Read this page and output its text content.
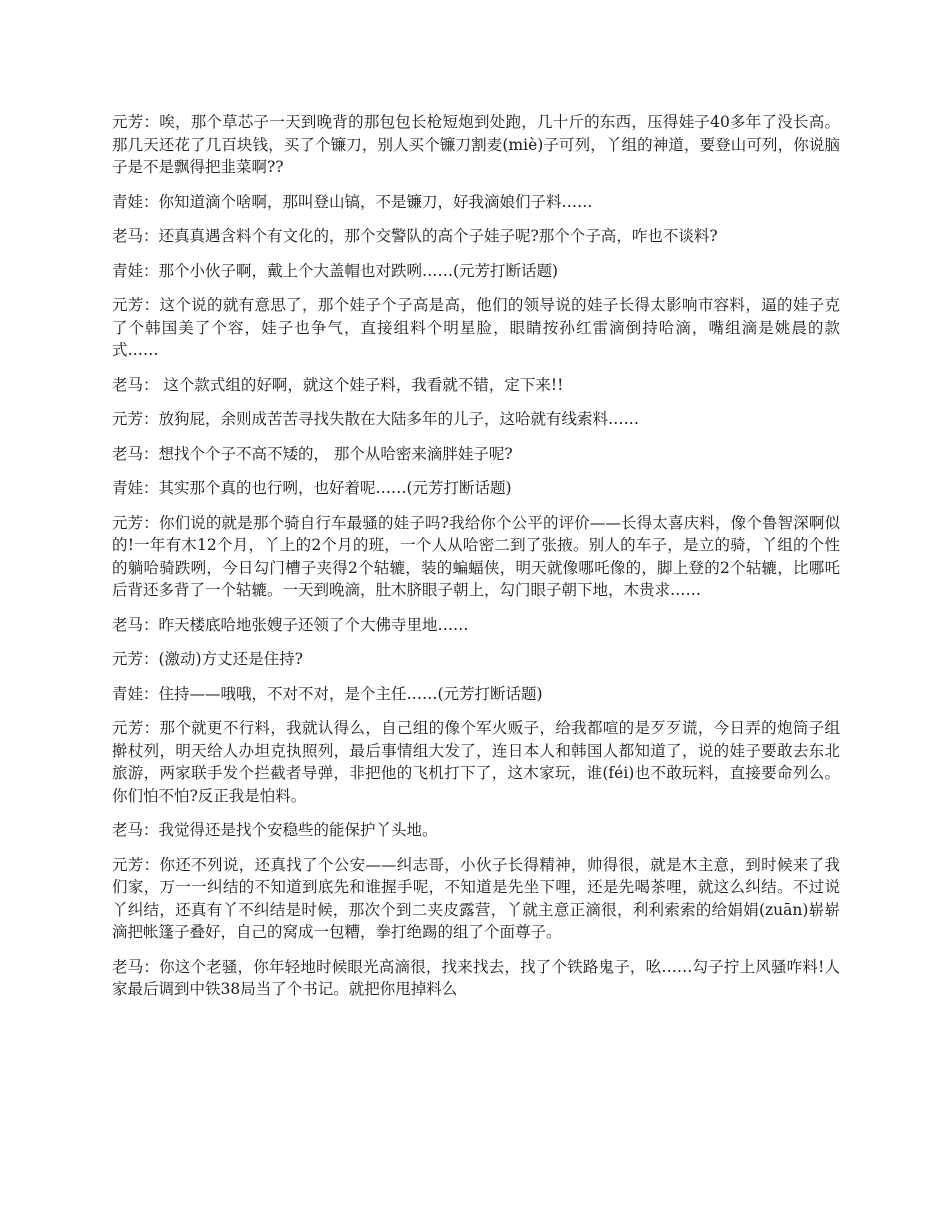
元芳：唉，那个草芯子一天到晚背的那包包长枪短炮到处跑，几十斤的东西，压得娃子40多年了没长高。那几天还花了几百块钱，买了个镰刀，别人买个镰刀割麦(miè)子可列，丫组的神道，要登山可列，你说脑子是不是飘得把韭菜啊??

青娃：你知道滴个啥啊，那叫登山镐，不是镰刀，好我滴娘们子料……

老马：还真真遇含料个有文化的，那个交警队的高个子娃子呢?那个个子高，咋也不谈料?

青娃：那个小伙子啊，戴上个大盖帽也对跌咧……(元芳打断话题)

元芳：这个说的就有意思了，那个娃子个子高是高，他们的领导说的娃子长得太影响市容料，逼的娃子克了个韩国美了个容，娃子也争气，直接组料个明星脸，眼睛按孙红雷滴倒持哈滴，嘴组滴是姚晨的款式……

老马： 这个款式组的好啊，就这个娃子料，我看就不错，定下来!!

元芳：放狗屁，余则成苦苦寻找失散在大陆多年的儿子，这哈就有线索料……

老马：想找个个子不高不矮的， 那个从哈密来滴胖娃子呢?

青娃：其实那个真的也行咧，也好着呢……(元芳打断话题)

元芳：你们说的就是那个骑自行车最骚的娃子吗?我给你个公平的评价——长得太喜庆料，像个鲁智深啊似的!一年有木12个月，丫上的2个月的班，一个人从哈密二到了张掖。别人的车子，是立的骑，丫组的个性的躺哈骑跌咧，今日勾门槽子夹得2个轱辘，装的蝙蝠侠，明天就像哪吒像的，脚上登的2个轱辘，比哪吒后背还多背了一个轱辘。一天到晚滴，肚木脐眼子朝上，勾门眼子朝下地，木贵求……

老马：昨天楼底哈地张嫂子还领了个大佛寺里地……

元芳：(激动)方丈还是住持?

青娃：住持——哦哦，不对不对，是个主任……(元芳打断话题)

元芳：那个就更不行料，我就认得么，自己组的像个军火贩子，给我都喧的是歹歹谎，今日弄的炮筒子组擀杖列，明天给人办坦克执照列，最后事情组大发了，连日本人和韩国人都知道了，说的娃子要敢去东北旅游，两家联手发个拦截者导弹，非把他的飞机打下了，这木家玩，谁(féi)也不敢玩料，直接要命列么。你们怕不怕?反正我是怕料。

老马：我觉得还是找个安稳些的能保护丫头地。

元芳：你还不列说，还真找了个公安——纠志哥，小伙子长得精神，帅得很，就是木主意，到时候来了我们家，万一一纠结的不知道到底先和谁握手呢，不知道是先坐下哩，还是先喝茶哩，就这么纠结。不过说丫纠结，还真有丫不纠结是时候，那次个到二夹皮露营，丫就主意正滴很，利利索索的给娟娟(zuān)崭崭滴把帐篷子叠好，自己的窝成一包糟，拳打绝踢的组了个面尊子。

老马：你这个老骚，你年轻地时候眼光高滴很，找来找去，找了个铁路鬼子，吆……勾子拧上风骚咋料!人家最后调到中铁38局当了个书记。就把你甩掉料么
